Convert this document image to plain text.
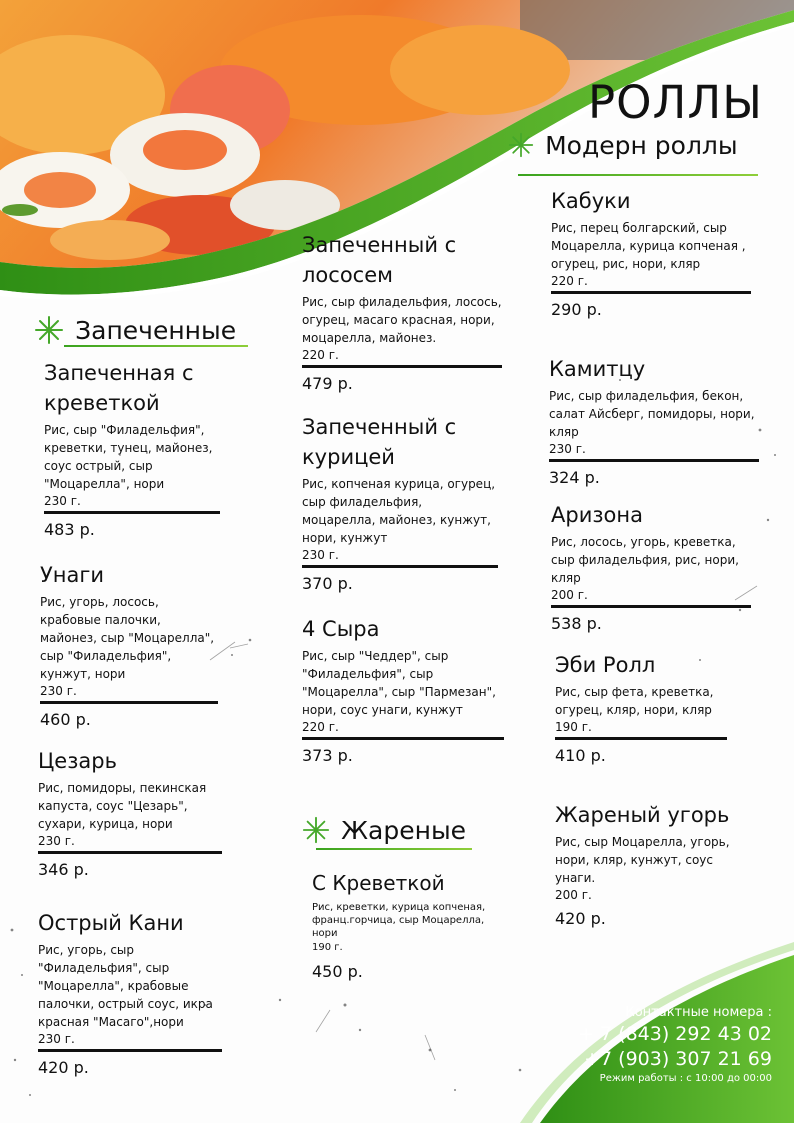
РОЛЛЫ
Запеченные
Модерн роллы
Жареные
Запеченная с креветкой
Рис, сыр "Филадельфия", креветки, тунец, майонез, соус острый, сыр "Моцарелла", нори
230 г.
483 р.
Унаги
Рис, угорь, лосось, крабовые палочки, майонез, сыр "Моцарелла", сыр "Филадельфия", кунжут, нори
230 г.
460 р.
Цезарь
Рис, помидоры, пекинская капуста, соус "Цезарь", сухари, курица, нори
230 г.
346 р.
Острый Кани
Рис, угорь, сыр "Филадельфия", сыр "Моцарелла", крабовые палочки, острый соус, икра красная "Масаго",нори
230 г.
420 р.
Запеченный с лососем
Рис, сыр филадельфия, лосось, огурец, масаго красная, нори, моцарелла, майонез.
220 г.
479 р.
Запеченный с курицей
Рис, копченая курица, огурец, сыр филадельфия, моцарелла, майонез, кунжут, нори, кунжут
230 г.
370 р.
4 Сыра
Рис, сыр "Чеддер", сыр "Филадельфия", сыр "Моцарелла", сыр "Пармезан", нори, соус унаги, кунжут
220 г.
373 р.
С Креветкой
Рис, креветки, курица копченая, франц.горчица, сыр Моцарелла, нори
190 г.
450 р.
Кабуки
Рис, перец болгарский, сыр Моцарелла, курица копченая , огурец, рис, нори, кляр
220 г.
290 р.
Камитцу
Рис, сыр филадельфия, бекон, салат Айсберг, помидоры, нори, кляр
230 г.
324 р.
Аризона
Рис, лосось, угорь, креветка, сыр филадельфия, рис, нори, кляр
200 г.
538 р.
Эби Ролл
Рис, сыр фета, креветка, огурец, кляр, нори, кляр
190 г.
410 р.
Жареный угорь
Рис, сыр Моцарелла, угорь, нори, кляр, кунжут, соус унаги.
200 г.
420 р.
Контактные номера :
+ 7 (843) 292 43 02
+7 (903) 307 21 69
Режим работы : с 10:00 до 00:00
